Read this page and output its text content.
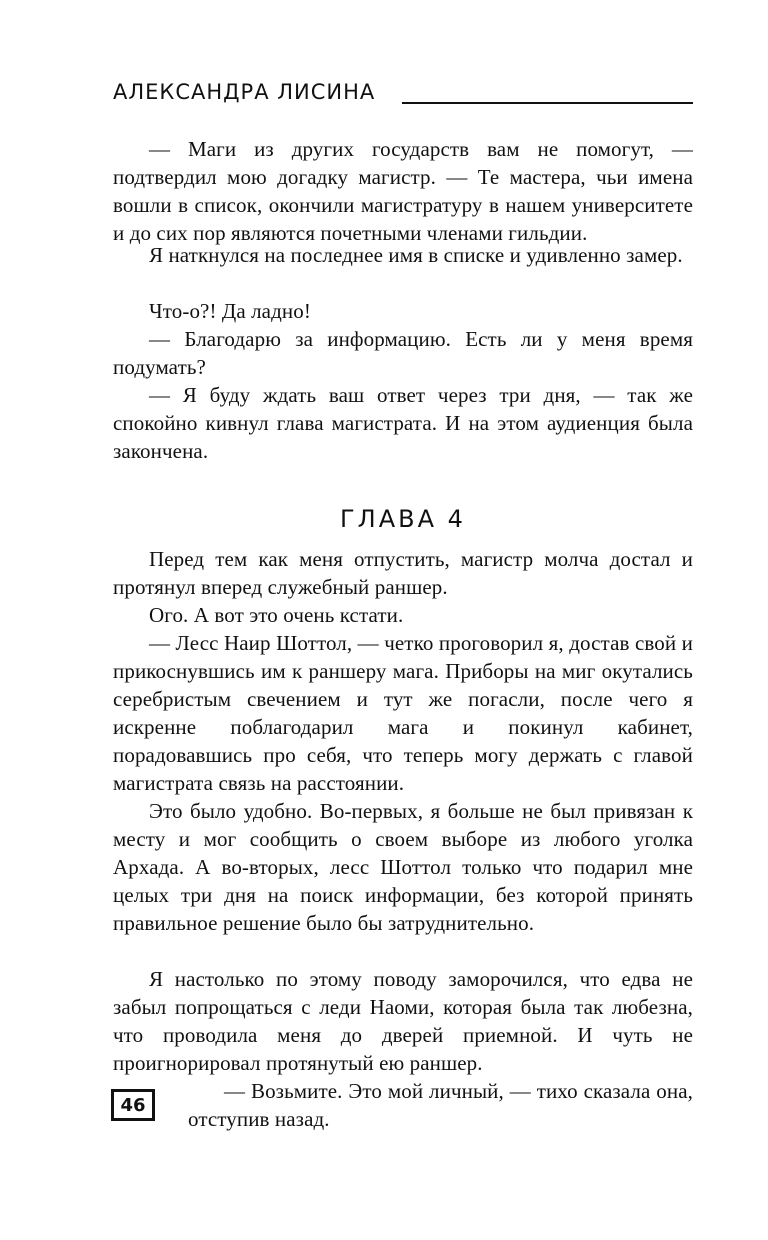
АЛЕКСАНДРА ЛИСИНА

— Маги из других государств вам не помогут, — подтвердил мою догадку магистр. — Те мастера, чьи имена вошли в список, окончили магистратуру в нашем университете и до сих пор являются почетными членами гильдии.

Я наткнулся на последнее имя в списке и удивленно замер.

Что-о?! Да ладно!

— Благодарю за информацию. Есть ли у меня время подумать?

— Я буду ждать ваш ответ через три дня, — так же спокойно кивнул глава магистрата. И на этом аудиенция была закончена.

ГЛАВА 4

Перед тем как меня отпустить, магистр молча достал и протянул вперед служебный раншер.

Ого. А вот это очень кстати.

— Лесс Наир Шоттол, — четко проговорил я, достав свой и прикоснувшись им к раншеру мага. Приборы на миг окутались серебристым свечением и тут же погасли, после чего я искренне поблагодарил мага и покинул кабинет, порадовавшись про себя, что теперь могу держать с главой магистрата связь на расстоянии.

Это было удобно. Во-первых, я больше не был привязан к месту и мог сообщить о своем выборе из любого уголка Архада. А во-вторых, лесс Шоттол только что подарил мне целых три дня на поиск информации, без которой принять правильное решение было бы затруднительно.

Я настолько по этому поводу заморочился, что едва не забыл попрощаться с леди Наоми, которая была так любезна, что проводила меня до дверей приемной. И чуть не проигнорировал протянутый ею раншер.

— Возьмите. Это мой личный, — тихо сказала она, отступив назад.

46
